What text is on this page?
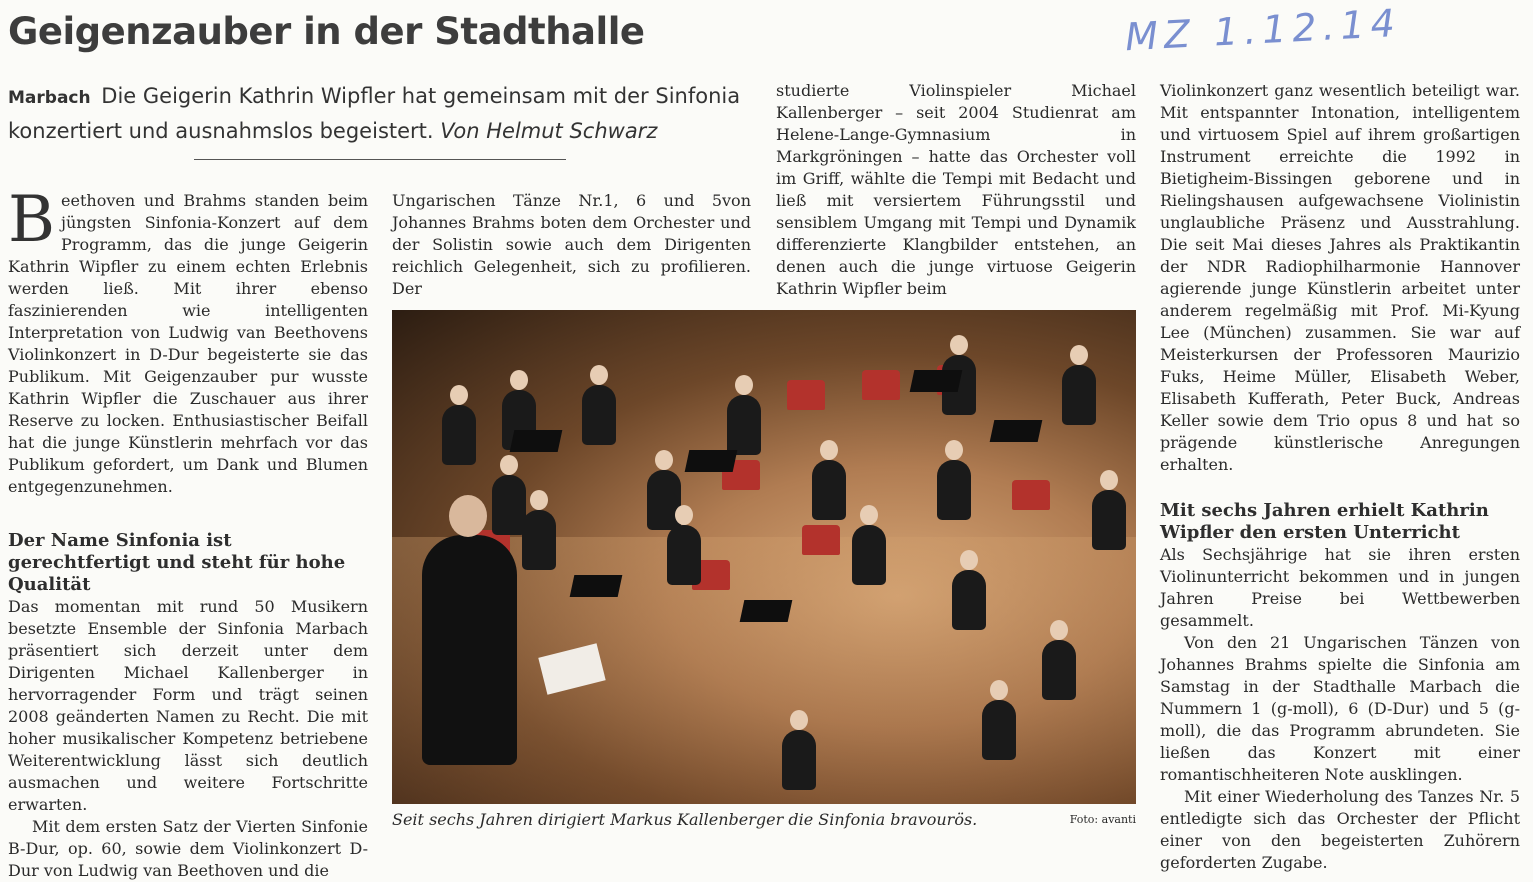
Geigenzauber in der Stadthalle	MZ 1.12.14
Marbach Die Geigerin Kathrin Wipfler hat gemeinsam mit der Sinfonia konzertiert und ausnahmslos begeistert. Von Helmut Schwarz

Beethoven und Brahms standen beim jüngsten Sinfonia-Konzert auf dem Programm, das die junge Geigerin Kathrin Wipfler zu einem echten Erlebnis werden ließ. Mit ihrer ebenso faszinierenden wie intelligenten Interpretation von Ludwig van Beethovens Violinkonzert in D-Dur begeisterte sie das Publikum. Mit Geigenzauber pur wusste Kathrin Wipfler die Zuschauer aus ihrer Reserve zu locken. Enthusiastischer Beifall hat die junge Künstlerin mehrfach vor das Publikum gefordert, um Dank und Blumen entgegenzunehmen.

Der Name Sinfonia ist gerechtfertigt und steht für hohe Qualität

Das momentan mit rund 50 Musikern besetzte Ensemble der Sinfonia Marbach präsentiert sich derzeit unter dem Dirigenten Michael Kallenberger in hervorragender Form und trägt seinen 2008 geänderten Namen zu Recht. Die mit hoher musikalischer Kompetenz betriebene Weiterentwicklung lässt sich deutlich ausmachen und weitere Fortschritte erwarten.

Mit dem ersten Satz der Vierten Sinfonie B-Dur, op. 60, sowie dem Violinkonzert D-Dur von Ludwig van Beethoven und die

Ungarischen Tänze Nr.1, 6 und 5von Johannes Brahms boten dem Orchester und der Solistin sowie auch dem Dirigenten reichlich Gelegenheit, sich zu profilieren. Der

studierte Violinspieler Michael Kallenberger – seit 2004 Studienrat am Helene-Lange-Gymnasium in Markgröningen – hatte das Orchester voll im Griff, wählte die Tempi mit Bedacht und ließ mit versiertem Führungsstil und sensiblem Umgang mit Tempi und Dynamik differenzierte Klangbilder entstehen, an denen auch die junge virtuose Geigerin Kathrin Wipfler beim

Violinkonzert ganz wesentlich beteiligt war. Mit entspannter Intonation, intelligentem und virtuosem Spiel auf ihrem großartigen Instrument erreichte die 1992 in Bietigheim-Bissingen geborene und in Rielingshausen aufgewachsene Violinistin unglaubliche Präsenz und Ausstrahlung. Die seit Mai dieses Jahres als Praktikantin der NDR Radiophilharmonie Hannover agierende junge Künstlerin arbeitet unter anderem regelmäßig mit Prof. Mi-Kyung Lee (München) zusammen. Sie war auf Meisterkursen der Professoren Maurizio Fuks, Heime Müller, Elisabeth Weber, Elisabeth Kufferath, Peter Buck, Andreas Keller sowie dem Trio opus 8 und hat so prägende künstlerische Anregungen erhalten.

Mit sechs Jahren erhielt Kathrin Wipfler den ersten Unterricht

Als Sechsjährige hat sie ihren ersten Violinunterricht bekommen und in jungen Jahren Preise bei Wettbewerben gesammelt.

Von den 21 Ungarischen Tänzen von Johannes Brahms spielte die Sinfonia am Samstag in der Stadthalle Marbach die Nummern 1 (g-moll), 6 (D-Dur) und 5 (g-moll), die das Programm abrundeten. Sie ließen das Konzert mit einer romantischheiteren Note ausklingen.

Mit einer Wiederholung des Tanzes Nr. 5 entledigte sich das Orchester der Pflicht einer von den begeisterten Zuhörern geforderten Zugabe.

Seit sechs Jahren dirigiert Markus Kallenberger die Sinfonia bravourös.	Foto: avanti
